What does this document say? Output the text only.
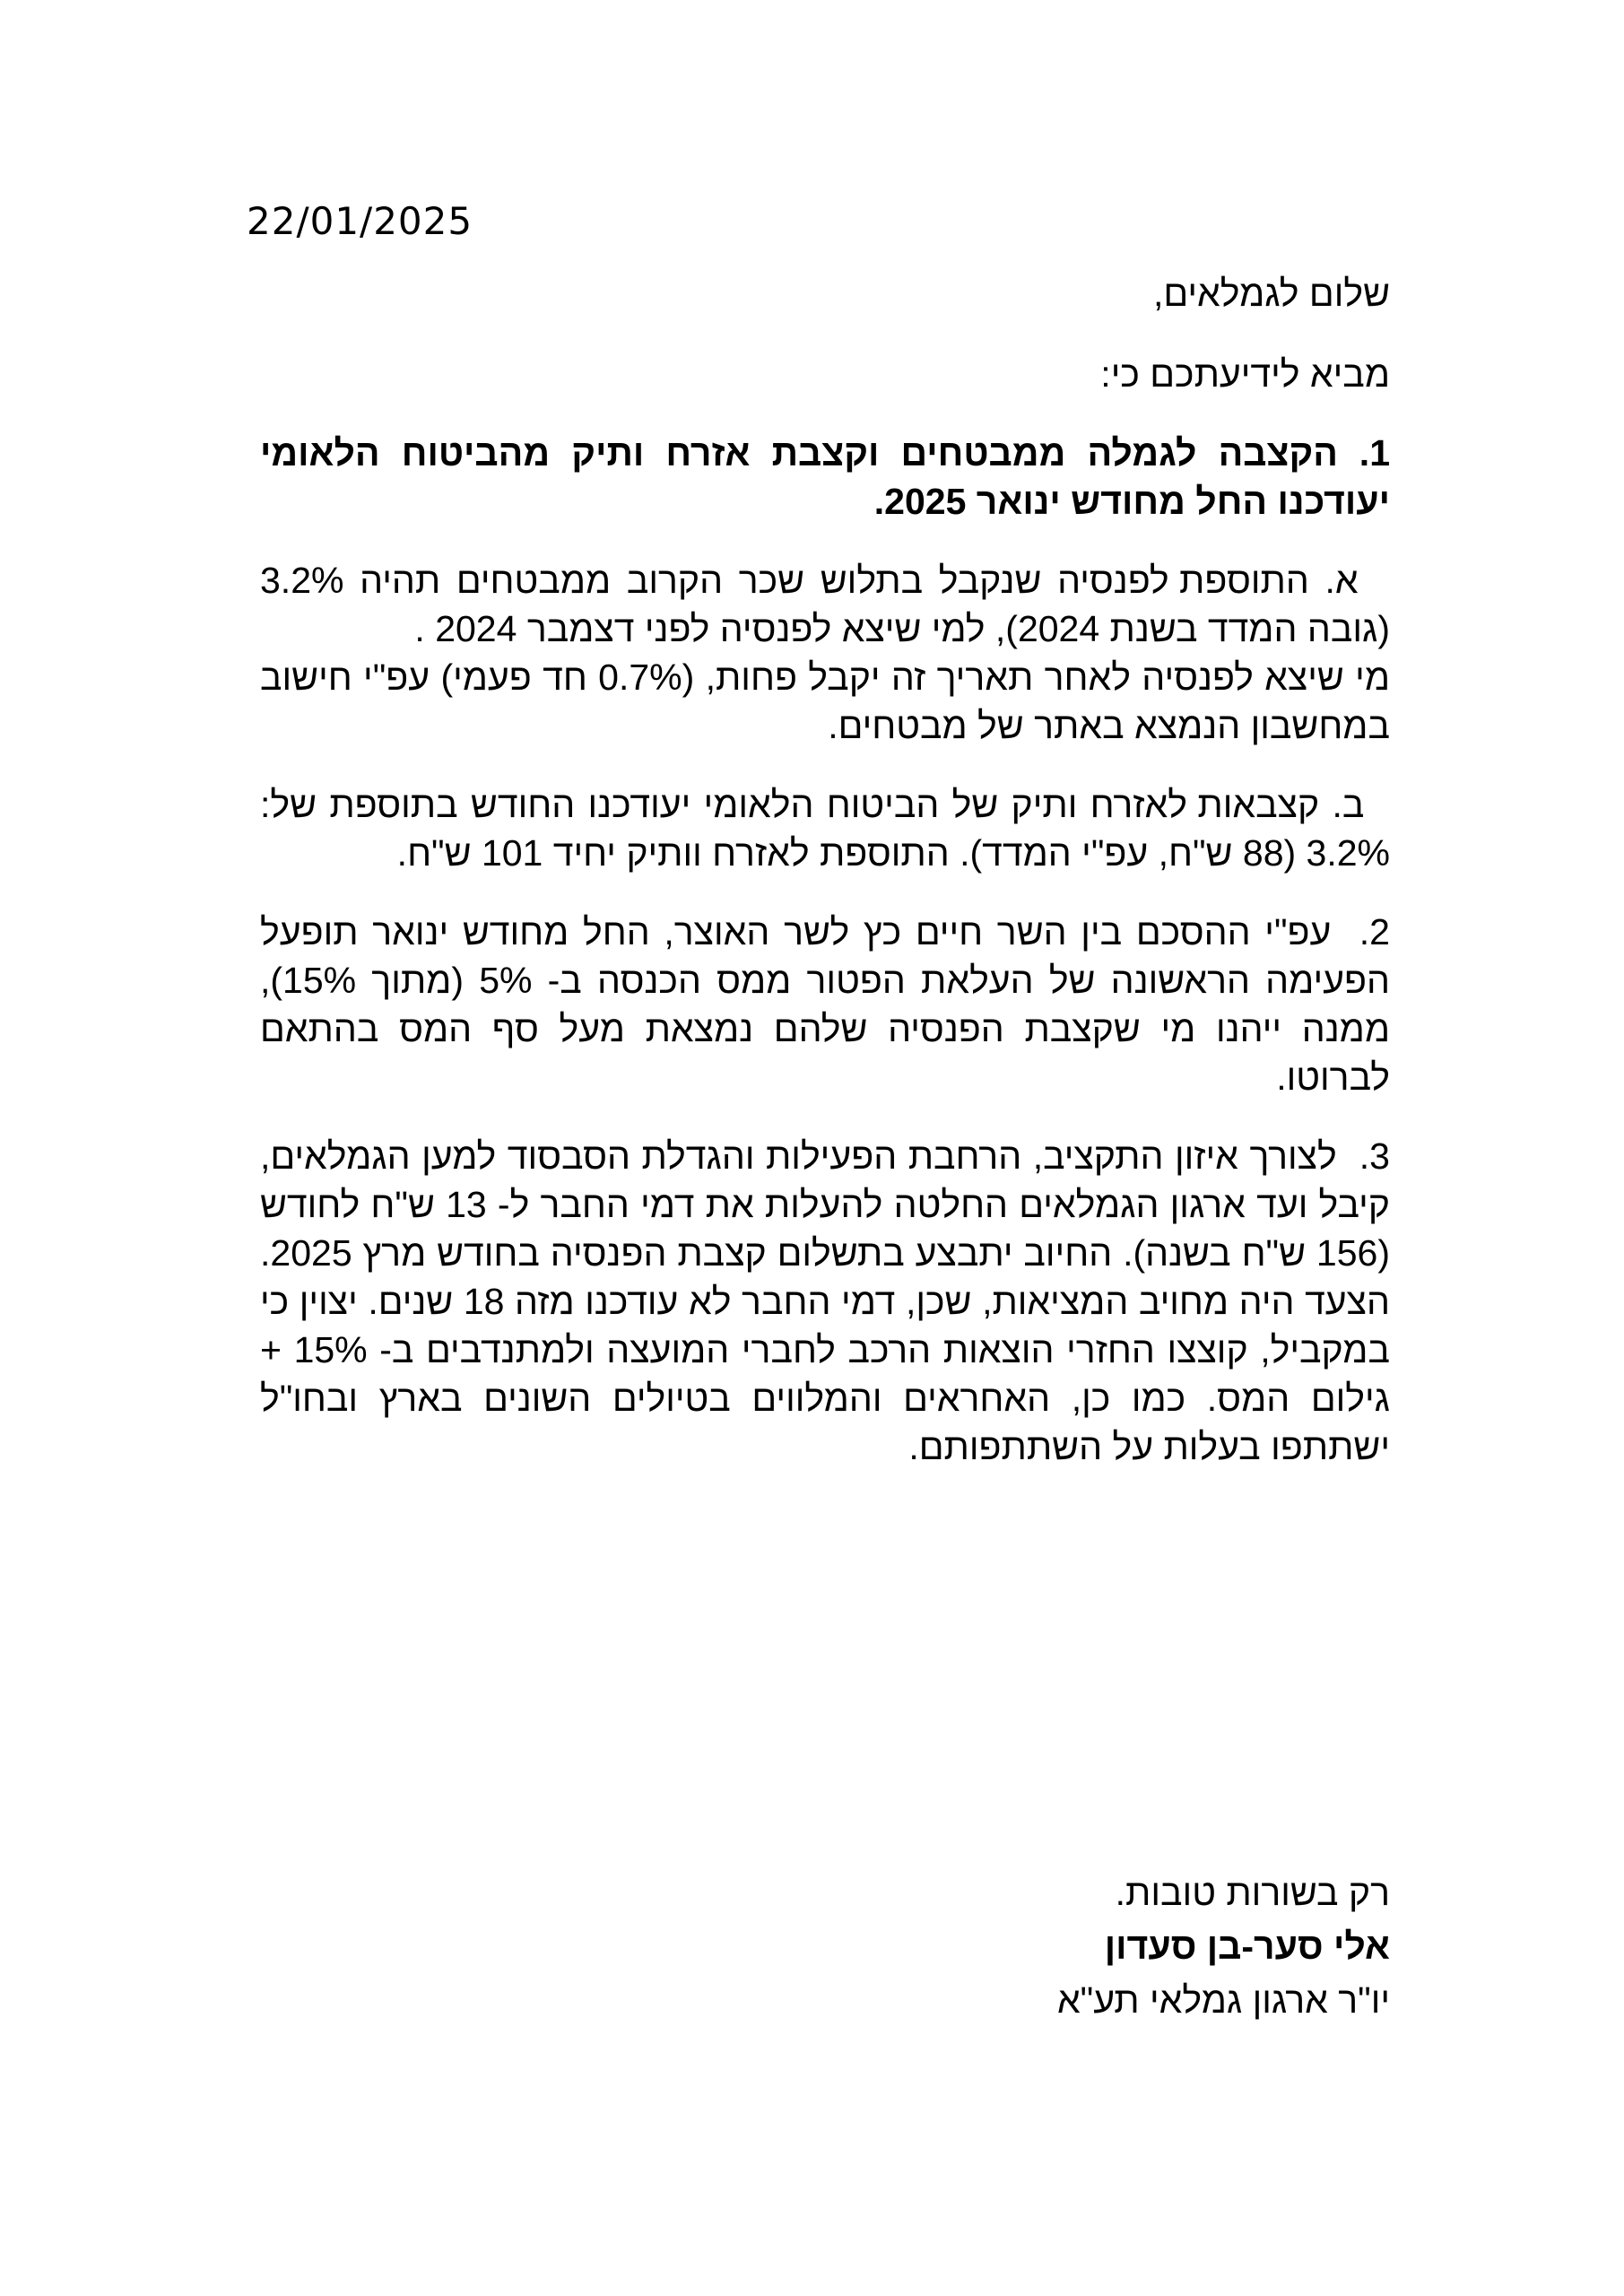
22/01/2025

שלום לגמלאים,

מביא לידיעתכם כי:

1.הקצבה לגמלה ממבטחים וקצבת אזרח ותיק מהביטוח הלאומי יעודכנו החל מחודש ינואר 2025.
א. התוספת לפנסיה שנקבל בתלוש שכר הקרוב ממבטחים תהיה 3.2% (גובה המדד בשנת 2024), למי שיצא לפנסיה לפני דצמבר 2024 .
מי שיצא לפנסיה לאחר תאריך זה יקבל פחות, (0.7% חד פעמי) עפ"י חישוב במחשבון הנמצא באתר של מבטחים.
ב. קצבאות לאזרח ותיק של הביטוח הלאומי יעודכנו החודש בתוספת של: 3.2% (88 ש"ח, עפ"י המדד). התוספת לאזרח וותיק יחיד 101 ש"ח.
2.  עפ"י ההסכם בין השר חיים כץ לשר האוצר, החל מחודש ינואר תופעל הפעימה הראשונה של העלאת הפטור ממס הכנסה ב- 5% (מתוך 15%), ממנה ייהנו מי שקצבת הפנסיה שלהם נמצאת מעל סף המס בהתאם לברוטו.
3.  לצורך איזון התקציב, הרחבת הפעילות והגדלת הסבסוד למען הגמלאים, קיבל ועד ארגון הגמלאים החלטה להעלות את דמי החבר ל- 13 ש"ח לחודש (156 ש"ח בשנה). החיוב יתבצע בתשלום קצבת הפנסיה בחודש מרץ 2025. הצעד היה מחויב המציאות, שכן, דמי החבר לא עודכנו מזה 18 שנים. יצוין כי במקביל, קוצצו החזרי הוצאות הרכב לחברי המועצה ולמתנדבים ב- 15% + גילום המס. כמו כן, האחראים והמלווים בטיולים השונים בארץ ובחו"ל ישתתפו בעלות על השתתפותם.
רק בשורות טובות.
אלי סער-בן סעדון
יו"ר ארגון גמלאי תע"א
